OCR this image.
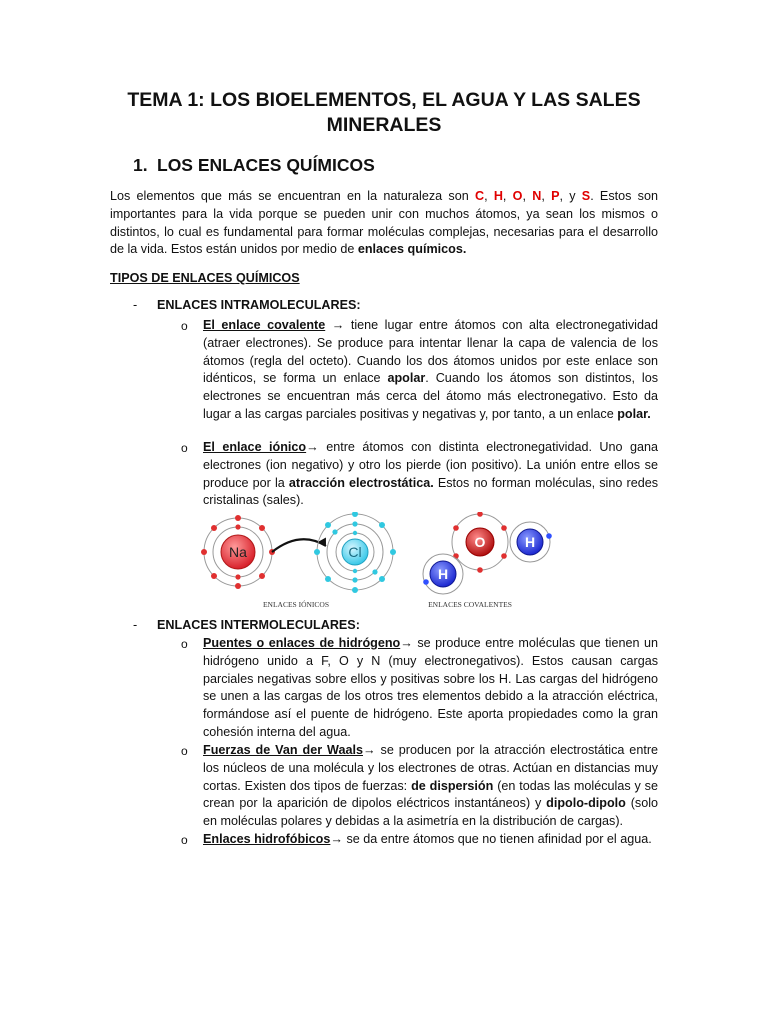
TEMA 1: LOS BIOELEMENTOS, EL AGUA Y LAS SALES
MINERALES
1. LOS ENLACES QUÍMICOS
Los elementos que más se encuentran en la naturaleza son C, H, O, N, P, y S. Estos son importantes para la vida porque se pueden unir con muchos átomos, ya sean los mismos o distintos, lo cual es fundamental para formar moléculas complejas, necesarias para el desarrollo de la vida. Estos están unidos por medio de enlaces químicos.
TIPOS DE ENLACES QUÍMICOS
- ENLACES INTRAMOLECULARES:
o El enlace covalente → tiene lugar entre átomos con alta electronegatividad (atraer electrones). Se produce para intentar llenar la capa de valencia de los átomos (regla del octeto). Cuando los dos átomos unidos por este enlace son idénticos, se forma un enlace apolar. Cuando los átomos son distintos, los electrones se encuentran más cerca del átomo más electronegativo. Esto da lugar a las cargas parciales positivas y negativas y, por tanto, a un enlace polar.
o El enlace iónico→ entre átomos con distinta electronegatividad. Uno gana electrones (ion negativo) y otro los pierde (ion positivo). La unión entre ellos se produce por la atracción electrostática. Estos no forman moléculas, sino redes cristalinas (sales).
Na	Cl
O	H
H
ENLACES IÓNICOS	ENLACES COVALENTES
- ENLACES INTERMOLECULARES:
o Puentes o enlaces de hidrógeno→ se produce entre moléculas que tienen un hidrógeno unido a F, O y N (muy electronegativos). Estos causan cargas parciales negativas sobre ellos y positivas sobre los H. Las cargas del hidrógeno se unen a las cargas de los otros tres elementos debido a la atracción eléctrica, formándose así el puente de hidrógeno. Este aporta propiedades como la gran cohesión interna del agua.
o Fuerzas de Van der Waals→ se producen por la atracción electrostática entre los núcleos de una molécula y los electrones de otras. Actúan en distancias muy cortas. Existen dos tipos de fuerzas: de dispersión (en todas las moléculas y se crean por la aparición de dipolos eléctricos instantáneos) y dipolo-dipolo (solo en moléculas polares y debidas a la asimetría en la distribución de cargas).
o Enlaces hidrofóbicos→ se da entre átomos que no tienen afinidad por el agua.
